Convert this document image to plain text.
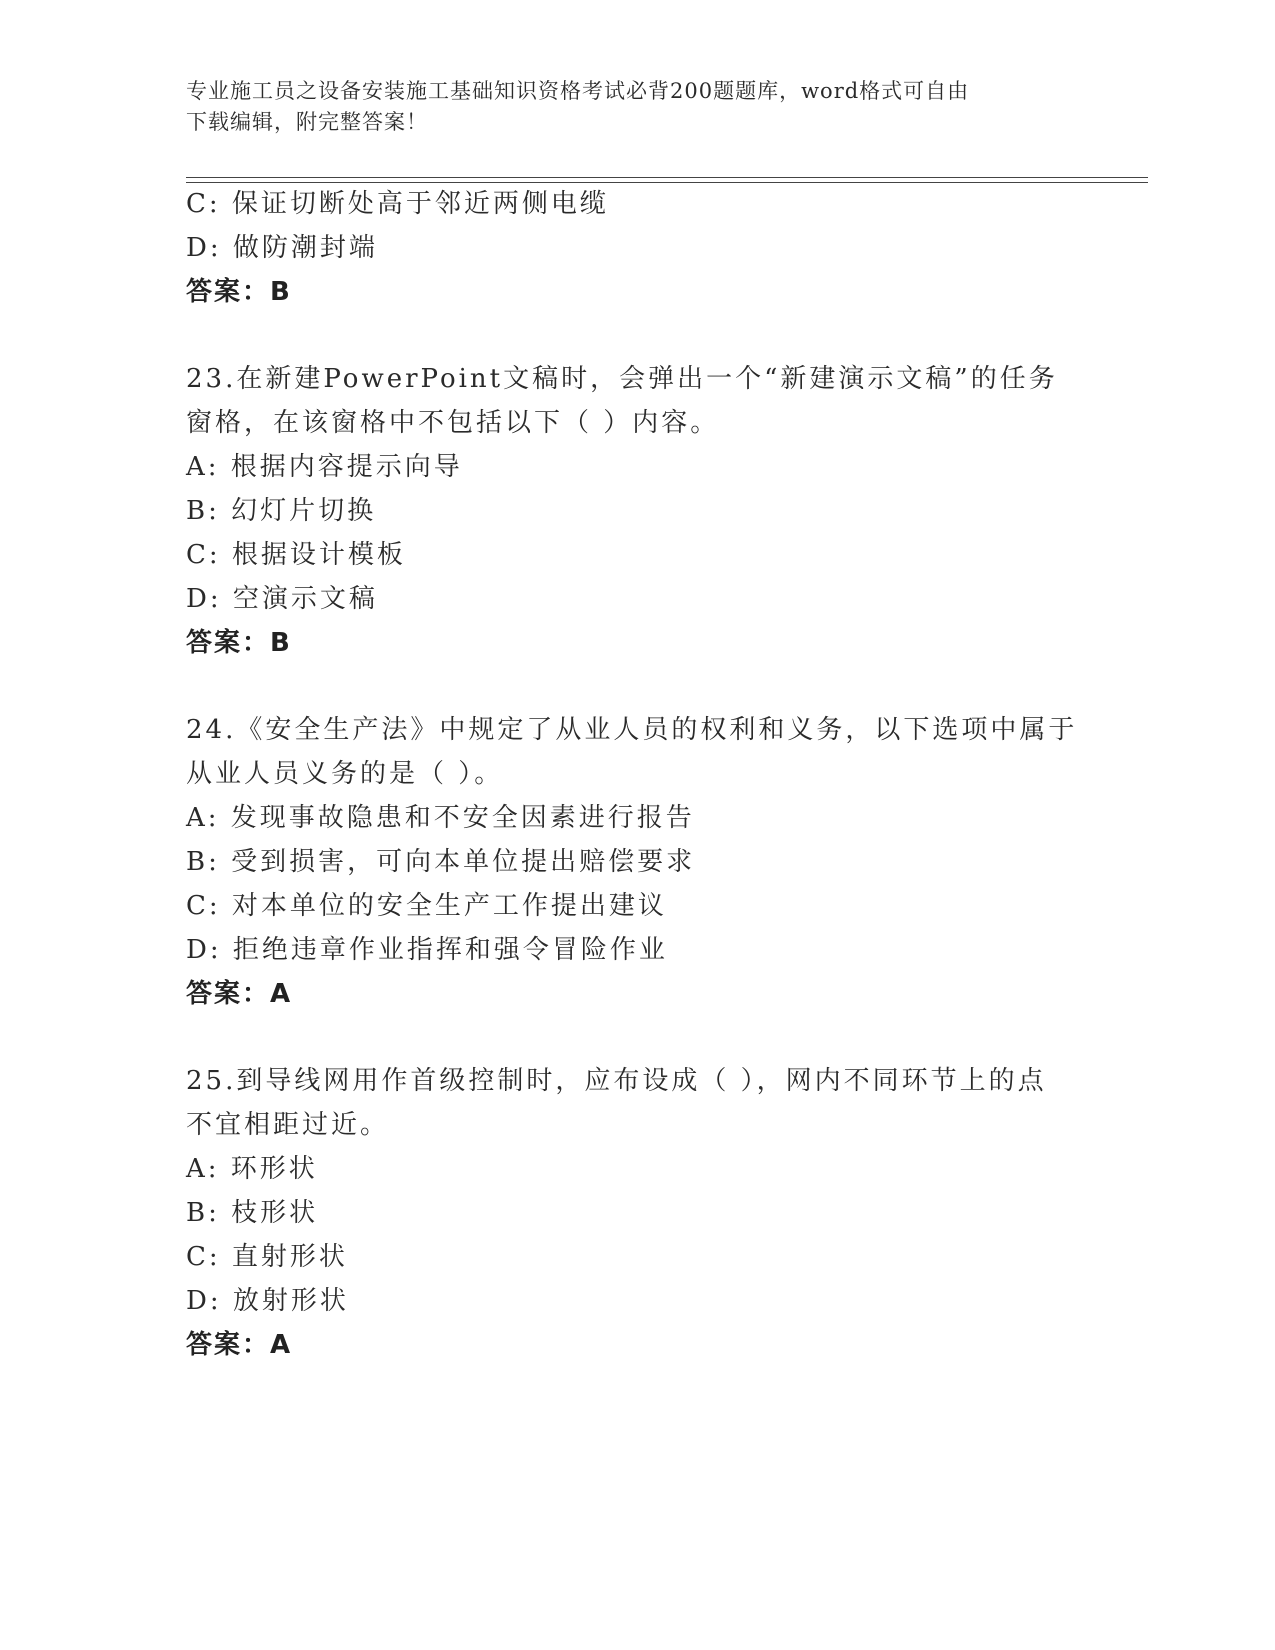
专业施工员之设备安装施工基础知识资格考试必背200题题库，word格式可自由
下载编辑，附完整答案！
C: 保证切断处高于邻近两侧电缆
D: 做防潮封端
答案：B
23.在新建PowerPoint文稿时，会弹出一个“新建演示文稿”的任务
窗格，在该窗格中不包括以下（ ）内容。
A: 根据内容提示向导
B: 幻灯片切换
C: 根据设计模板
D: 空演示文稿
答案：B
24.《安全生产法》中规定了从业人员的权利和义务，以下选项中属于
从业人员义务的是（ ）。
A: 发现事故隐患和不安全因素进行报告
B: 受到损害，可向本单位提出赔偿要求
C: 对本单位的安全生产工作提出建议
D: 拒绝违章作业指挥和强令冒险作业
答案：A
25.到导线网用作首级控制时，应布设成（ ），网内不同环节上的点
不宜相距过近。
A: 环形状
B: 枝形状
C: 直射形状
D: 放射形状
答案：A
